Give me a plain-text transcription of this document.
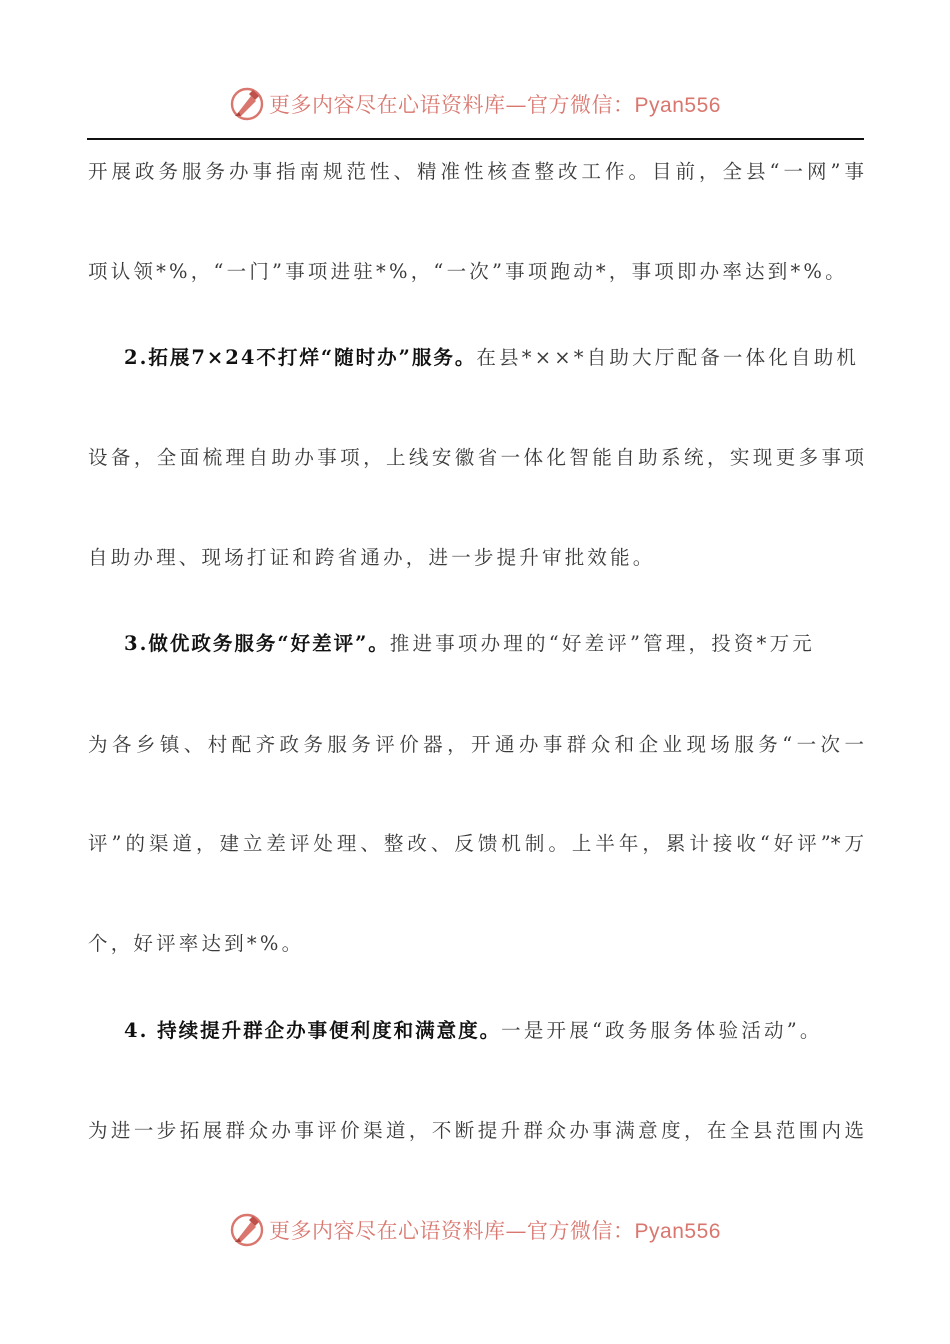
更多内容尽在心语资料库—官方微信：Pyan556
开展政务服务办事指南规范性、精准性核查整改工作。目前，全县“一网”事
项认领*%，“一门”事项进驻*%，“一次”事项跑动*，事项即办率达到*%。
2.拓展7×24不打烊“随时办”服务。在县*××*自助大厅配备一体化自助机
设备，全面梳理自助办事项，上线安徽省一体化智能自助系统，实现更多事项
自助办理、现场打证和跨省通办，进一步提升审批效能。
3.做优政务服务“好差评”。推进事项办理的“好差评”管理，投资*万元
为各乡镇、村配齐政务服务评价器，开通办事群众和企业现场服务“一次一
评”的渠道，建立差评处理、整改、反馈机制。上半年，累计接收“好评”*万
个，好评率达到*%。
4. 持续提升群企办事便利度和满意度。一是开展“政务服务体验活动”。
为进一步拓展群众办事评价渠道，不断提升群众办事满意度，在全县范围内选
更多内容尽在心语资料库—官方微信：Pyan556
